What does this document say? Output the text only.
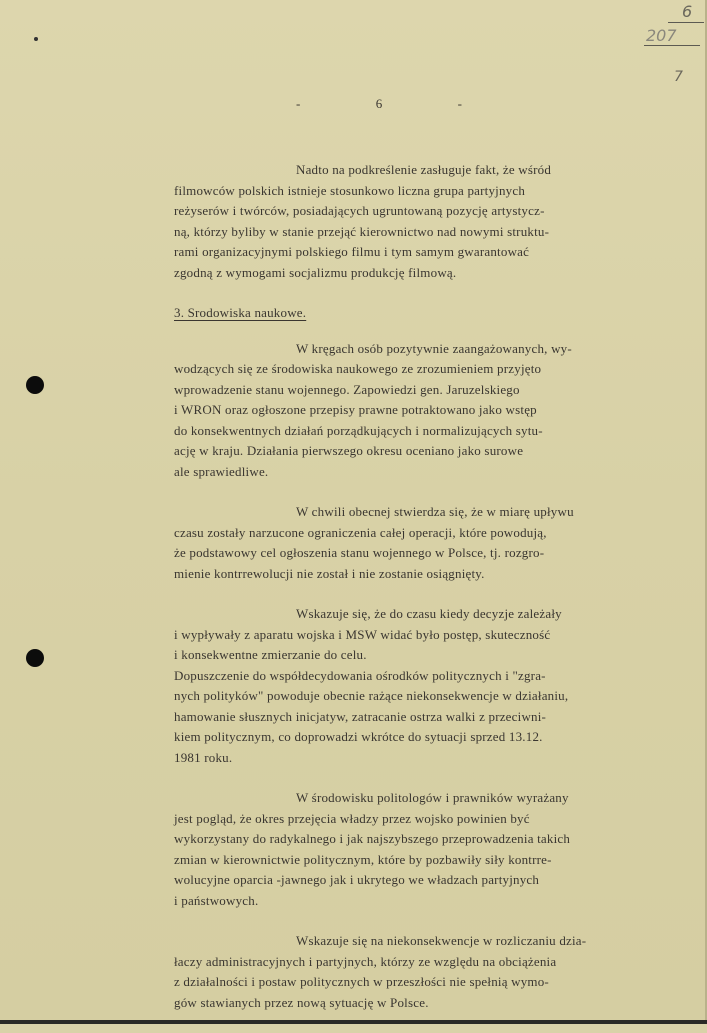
6
207
7
-	6	-
Nadto na podkreślenie zasługuje fakt, że wśród
filmowców polskich istnieje stosunkowo liczna grupa partyjnych
reżyserów i twórców, posiadających ugruntowaną pozycję artystycz-
ną, którzy byliby w stanie przejąć kierownictwo nad nowymi struktu-
rami organizacyjnymi polskiego filmu i tym samym gwarantować
zgodną z wymogami socjalizmu produkcję filmową.
3. Srodowiska naukowe.
W kręgach osób pozytywnie zaangażowanych, wy-
wodzących się ze środowiska naukowego ze zrozumieniem przyjęto
wprowadzenie stanu wojennego. Zapowiedzi gen. Jaruzelskiego
i WRON oraz ogłoszone przepisy prawne potraktowano jako wstęp
do konsekwentnych działań porządkujących i normalizujących sytu-
ację w kraju. Działania pierwszego okresu oceniano jako surowe
ale sprawiedliwe.
W chwili obecnej stwierdza się, że w miarę upływu
czasu zostały narzucone ograniczenia całej operacji, które powodują,
że podstawowy cel ogłoszenia stanu wojennego w Polsce, tj. rozgro-
mienie kontrrewolucji nie został i nie zostanie osiągnięty.
Wskazuje się, że do czasu kiedy decyzje zależały
i wypływały z aparatu wojska i MSW widać było postęp, skuteczność
i konsekwentne zmierzanie do celu.
Dopuszczenie do współdecydowania ośrodków politycznych i "zgra-
nych polityków" powoduje obecnie rażące niekonsekwencje w działaniu,
hamowanie słusznych inicjatyw, zatracanie ostrza walki z przeciwni-
kiem politycznym, co doprowadzi wkrótce do sytuacji sprzed 13.12.
1981 roku.
W środowisku politologów i prawników wyrażany
jest pogląd, że okres przejęcia władzy przez wojsko powinien być
wykorzystany do radykalnego i jak najszybszego przeprowadzenia takich
zmian w kierownictwie politycznym, które by pozbawiły siły kontrre-
wolucyjne oparcia -jawnego jak i ukrytego we władzach partyjnych
i państwowych.
Wskazuje się na niekonsekwencje w rozliczaniu dzia-
łaczy administracyjnych i partyjnych, którzy ze względu na obciążenia
z działalności i postaw politycznych w przeszłości nie spełnią wymo-
gów stawianych przez nową sytuację w Polsce.
